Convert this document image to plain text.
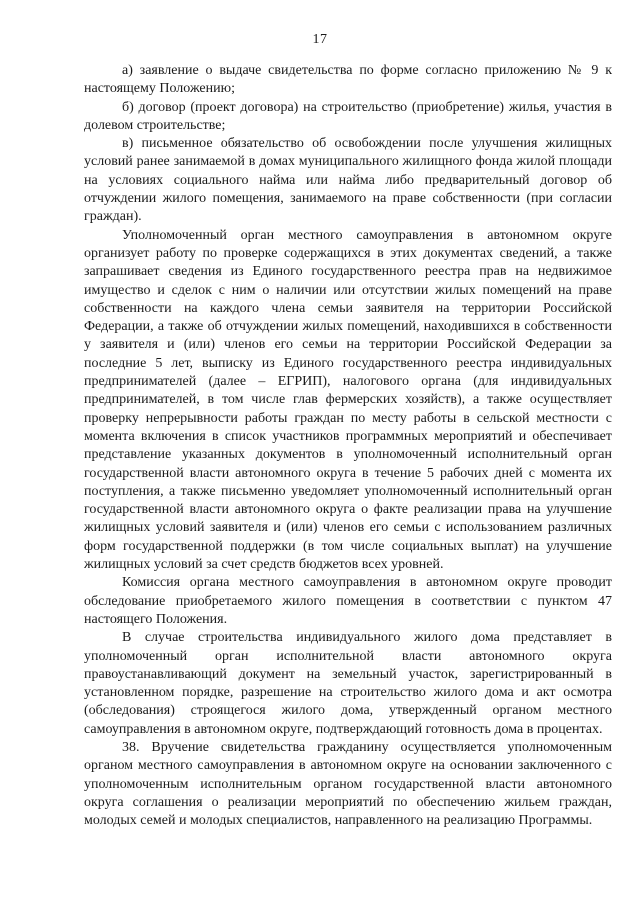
17

а) заявление о выдаче свидетельства по форме согласно приложению № 9 к настоящему Положению;

б) договор (проект договора) на строительство (приобретение) жилья, участия в долевом строительстве;

в) письменное обязательство об освобождении после улучшения жилищных условий ранее занимаемой в домах муниципального жилищного фонда жилой площади на условиях социального найма или найма либо предварительный договор об отчуждении жилого помещения, занимаемого на праве собственности (при согласии граждан).

Уполномоченный орган местного самоуправления в автономном округе организует работу по проверке содержащихся в этих документах сведений, а также запрашивает сведения из Единого государственного реестра прав на недвижимое имущество и сделок с ним о наличии или отсутствии жилых помещений на праве собственности на каждого члена семьи заявителя на территории Российской Федерации, а также об отчуждении жилых помещений, находившихся в собственности у заявителя и (или) членов его семьи на территории Российской Федерации за последние 5 лет, выписку из Единого государственного реестра индивидуальных предпринимателей (далее – ЕГРИП), налогового органа (для индивидуальных предпринимателей, в том числе глав фермерских хозяйств), а также осуществляет проверку непрерывности работы граждан по месту работы в сельской местности с момента включения в список участников программных мероприятий и обеспечивает представление указанных документов в уполномоченный исполнительный орган государственной власти автономного округа в течение 5 рабочих дней с момента их поступления, а также письменно уведомляет уполномоченный исполнительный орган государственной власти автономного округа о факте реализации права на улучшение жилищных условий заявителя и (или) членов его семьи с использованием различных форм государственной поддержки (в том числе социальных выплат) на улучшение жилищных условий за счет средств бюджетов всех уровней.

Комиссия органа местного самоуправления в автономном округе проводит обследование приобретаемого жилого помещения в соответствии с пунктом 47 настоящего Положения.

В случае строительства индивидуального жилого дома представляет в уполномоченный орган исполнительной власти автономного округа правоустанавливающий документ на земельный участок, зарегистрированный в установленном порядке, разрешение на строительство жилого дома и акт осмотра (обследования) строящегося жилого дома, утвержденный органом местного самоуправления в автономном округе, подтверждающий готовность дома в процентах.

38. Вручение свидетельства гражданину осуществляется уполномоченным органом местного самоуправления в автономном округе на основании заключенного с уполномоченным исполнительным органом государственной власти автономного округа соглашения о реализации мероприятий по обеспечению жильем граждан, молодых семей и молодых специалистов, направленного на реализацию Программы.
